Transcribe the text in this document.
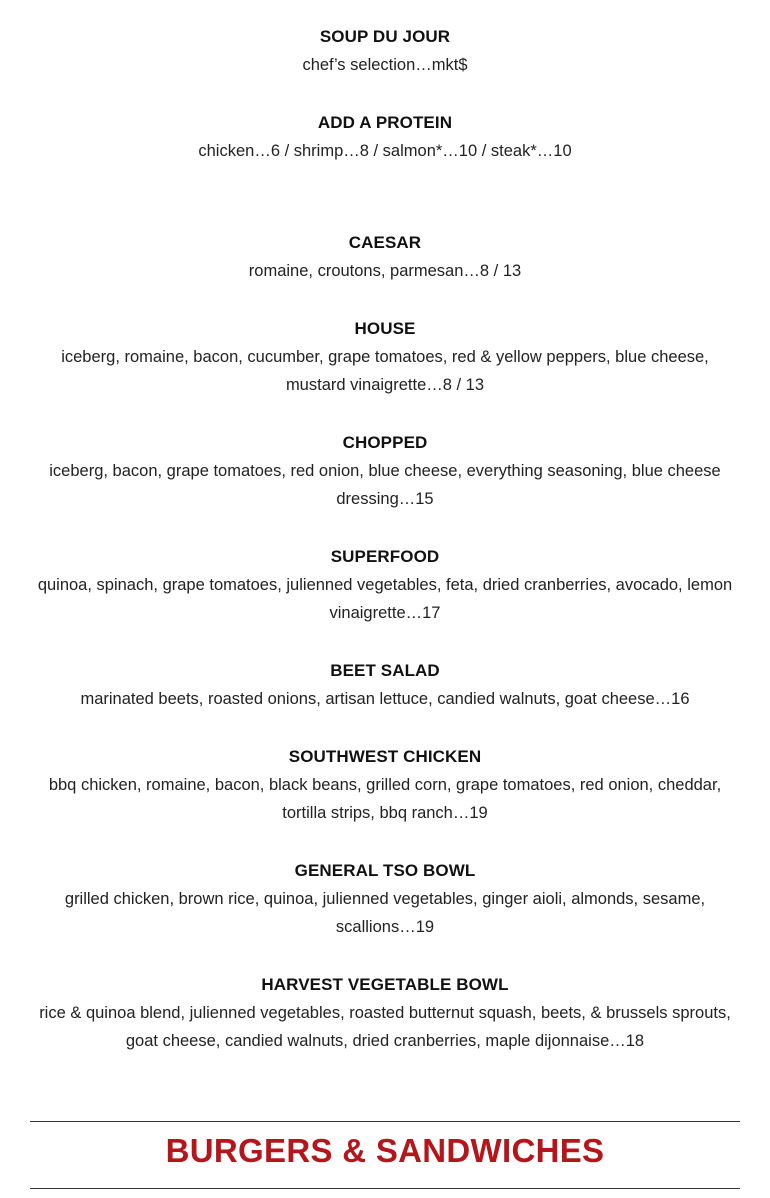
SOUP DU JOUR
chef’s selection…mkt$
ADD A PROTEIN
chicken…6 / shrimp…8 / salmon*…10 / steak*…10
CAESAR
romaine, croutons, parmesan…8 / 13
HOUSE
iceberg, romaine, bacon, cucumber, grape tomatoes, red & yellow peppers, blue cheese, mustard vinaigrette…8 / 13
CHOPPED
iceberg, bacon, grape tomatoes, red onion, blue cheese, everything seasoning, blue cheese dressing…15
SUPERFOOD
quinoa, spinach, grape tomatoes, julienned vegetables, feta, dried cranberries, avocado, lemon vinaigrette…17
BEET SALAD
marinated beets, roasted onions, artisan lettuce, candied walnuts, goat cheese…16
SOUTHWEST CHICKEN
bbq chicken, romaine, bacon, black beans, grilled corn, grape tomatoes, red onion, cheddar, tortilla strips, bbq ranch…19
GENERAL TSO BOWL
grilled chicken, brown rice, quinoa, julienned vegetables, ginger aioli, almonds, sesame, scallions…19
HARVEST VEGETABLE BOWL
rice & quinoa blend, julienned vegetables, roasted butternut squash, beets, & brussels sprouts, goat cheese, candied walnuts, dried cranberries, maple dijonnaise…18
BURGERS & SANDWICHES
